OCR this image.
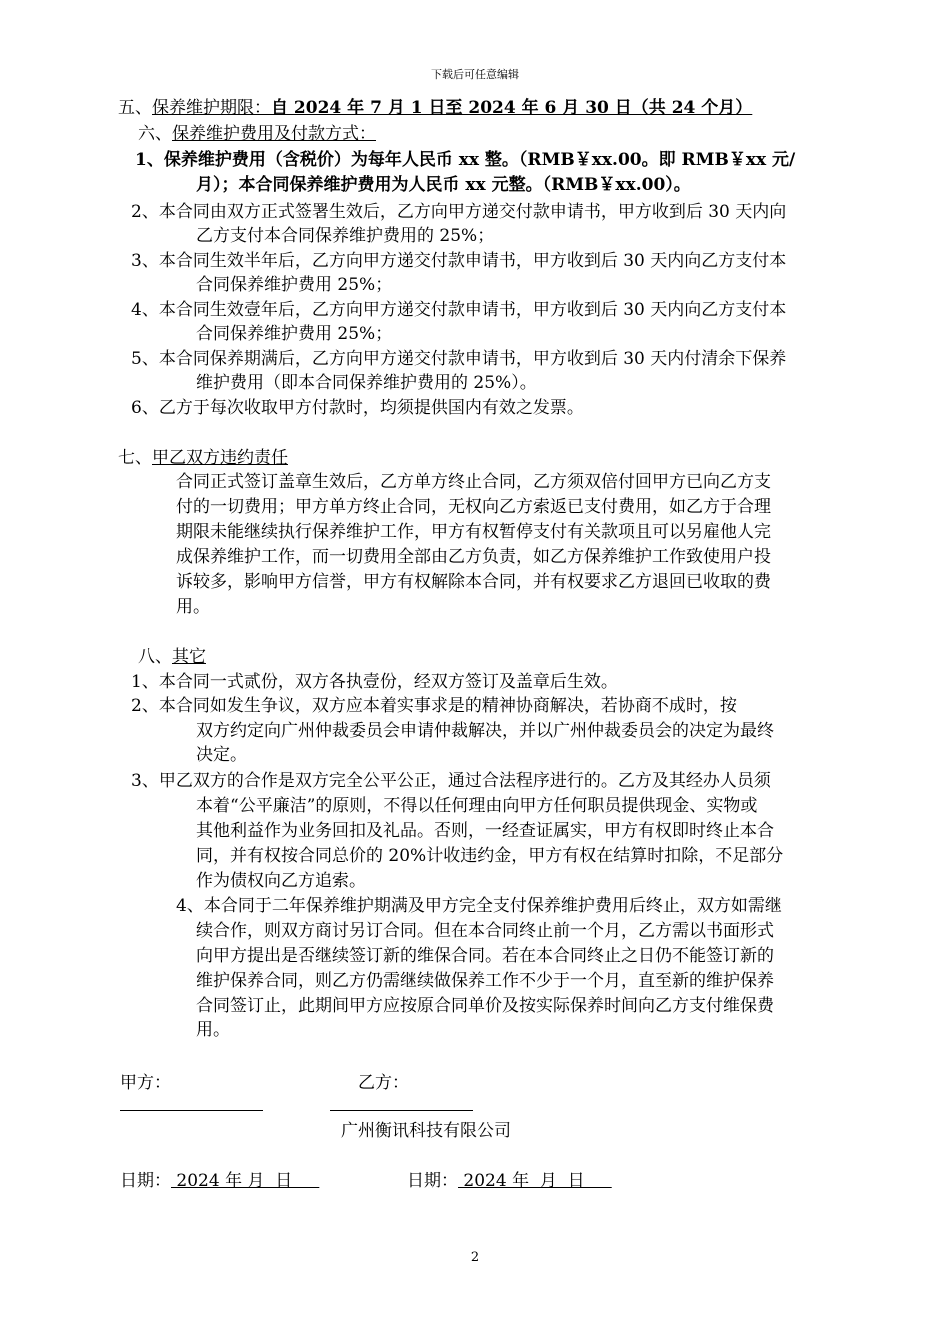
下载后可任意编辑
五、保养维护期限：自 2024 年 7 月 1 日至 2024 年 6 月 30 日（共 24 个月）
六、保养维护费用及付款方式：
1、保养维护费用（含税价）为每年人民币 xx 整。（RMB￥xx.00。即 RMB￥xx 元/
月）；本合同保养维护费用为人民币 xx 元整。（RMB￥xx.00）。
2、本合同由双方正式签署生效后，乙方向甲方递交付款申请书，甲方收到后 30 天内向
乙方支付本合同保养维护费用的 25%；
3、本合同生效半年后，乙方向甲方递交付款申请书，甲方收到后 30 天内向乙方支付本
合同保养维护费用 25%；
4、本合同生效壹年后，乙方向甲方递交付款申请书，甲方收到后 30 天内向乙方支付本
合同保养维护费用 25%；
5、本合同保养期满后，乙方向甲方递交付款申请书，甲方收到后 30 天内付清余下保养
维护费用（即本合同保养维护费用的 25%）。
6、乙方于每次收取甲方付款时，均须提供国内有效之发票。
七、甲乙双方违约责任
合同正式签订盖章生效后，乙方单方终止合同，乙方须双倍付回甲方已向乙方支
付的一切费用；甲方单方终止合同，无权向乙方索返已支付费用，如乙方于合理
期限未能继续执行保养维护工作，甲方有权暂停支付有关款项且可以另雇他人完
成保养维护工作，而一切费用全部由乙方负责，如乙方保养维护工作致使用户投
诉较多，影响甲方信誉，甲方有权解除本合同，并有权要求乙方退回已收取的费
用。
八、其它
1、本合同一式贰份，双方各执壹份，经双方签订及盖章后生效。
2、本合同如发生争议，双方应本着实事求是的精神协商解决，若协商不成时，按
双方约定向广州仲裁委员会申请仲裁解决，并以广州仲裁委员会的决定为最终
决定。
3、甲乙双方的合作是双方完全公平公正，通过合法程序进行的。乙方及其经办人员须
本着“公平廉洁”的原则，不得以任何理由向甲方任何职员提供现金、实物或
其他利益作为业务回扣及礼品。否则，一经查证属实，甲方有权即时终止本合
同，并有权按合同总价的 20%计收违约金，甲方有权在结算时扣除，不足部分
作为债权向乙方追索。
4、本合同于二年保养维护期满及甲方完全支付保养维护费用后终止，双方如需继
续合作，则双方商讨另订合同。但在本合同终止前一个月，乙方需以书面形式
向甲方提出是否继续签订新的维保合同。若在本合同终止之日仍不能签订新的
维护保养合同，则乙方仍需继续做保养工作不少于一个月，直至新的维护保养
合同签订止，此期间甲方应按原合同单价及按实际保养时间向乙方支付维保费
用。
甲方：	乙方：
广州衡讯科技有限公司
日期： 2024 年 月  日	日期： 2024 年  月  日
2
